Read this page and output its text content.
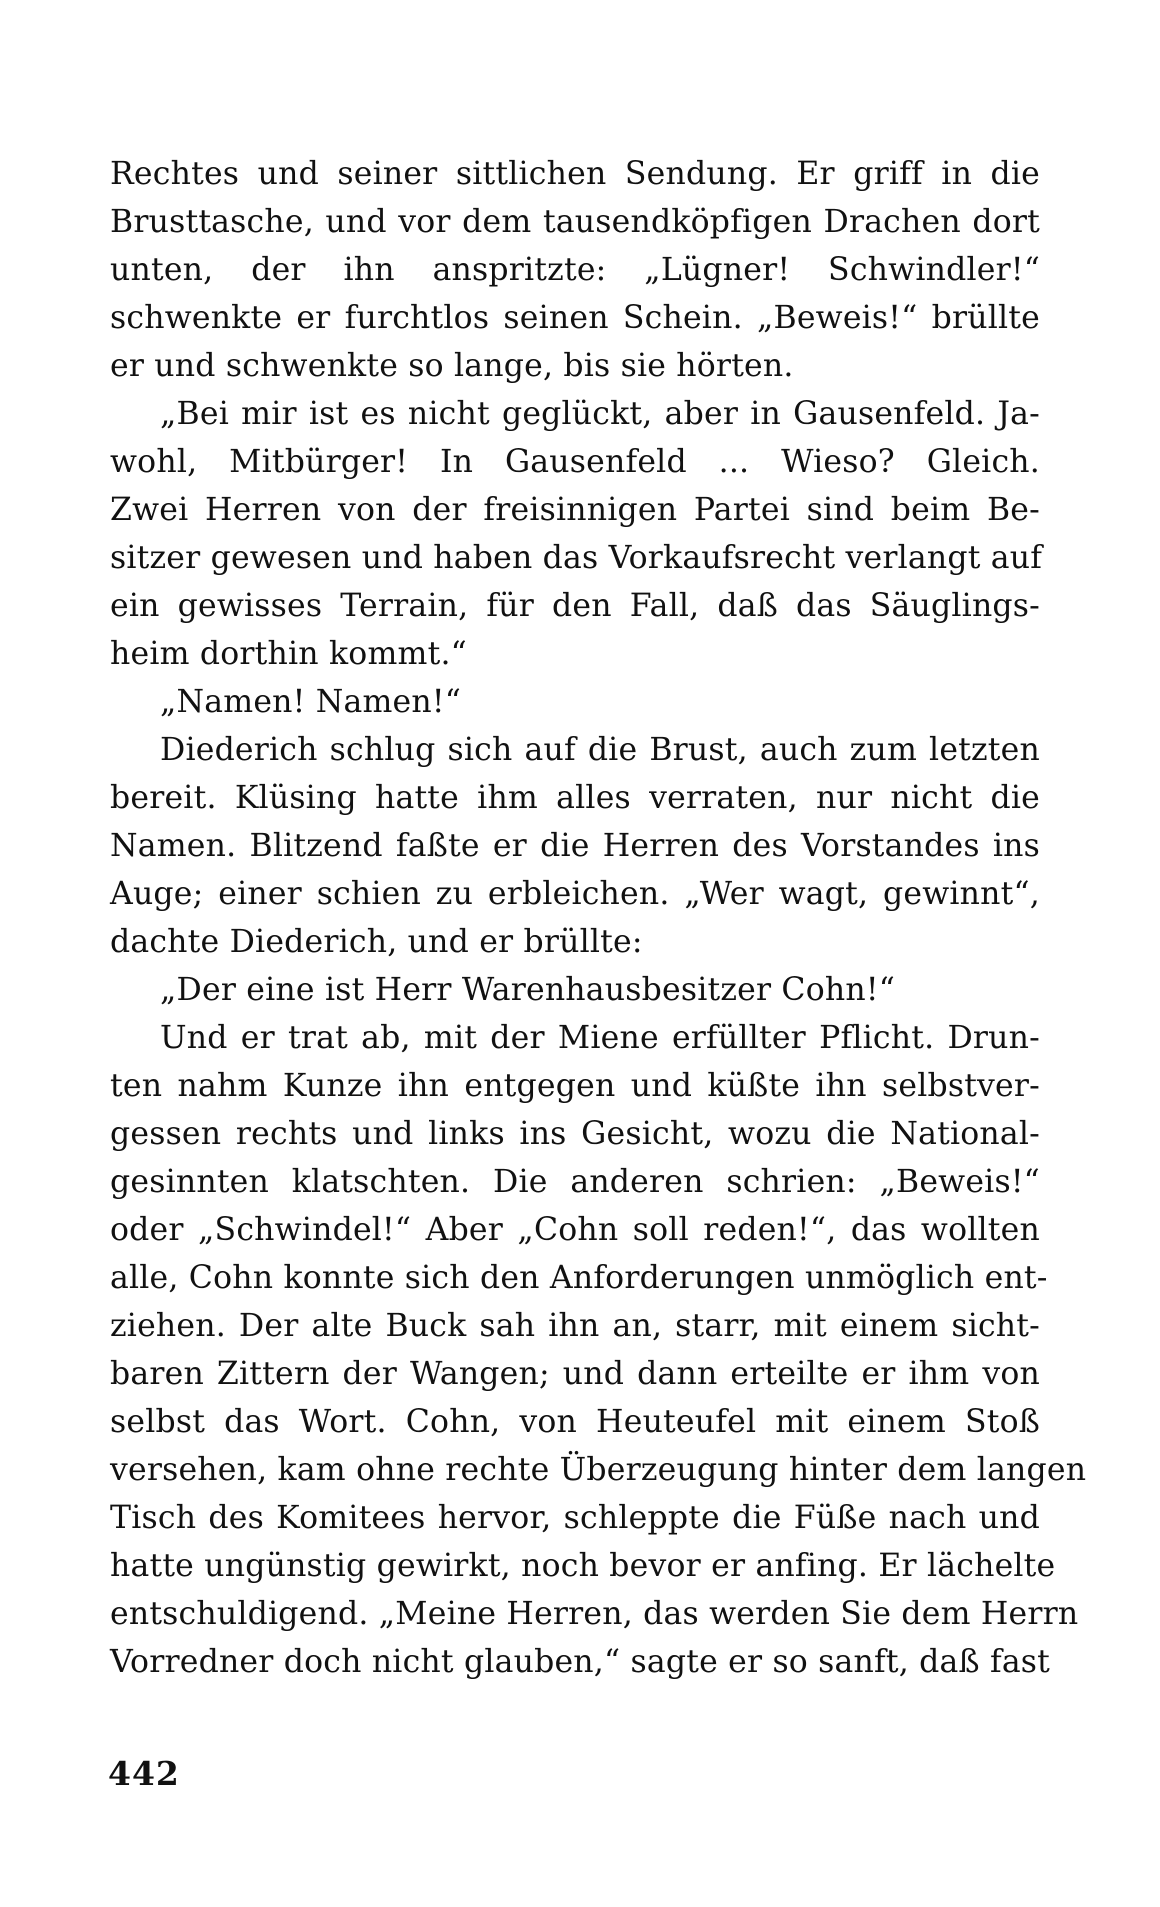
Rechtes und seiner sittlichen Sendung. Er griff in die
Brusttasche, und vor dem tausendköpfigen Drachen dort
unten, der ihn anspritzte: „Lügner! Schwindler!“
schwenkte er furchtlos seinen Schein. „Beweis!“ brüllte
er und schwenkte so lange, bis sie hörten.
„Bei mir ist es nicht geglückt, aber in Gausenfeld. Ja-
wohl, Mitbürger! In Gausenfeld ... Wieso? Gleich.
Zwei Herren von der freisinnigen Partei sind beim Be-
sitzer gewesen und haben das Vorkaufsrecht verlangt auf
ein gewisses Terrain, für den Fall, daß das Säuglings-
heim dorthin kommt.“
„Namen! Namen!“
Diederich schlug sich auf die Brust, auch zum letzten
bereit. Klüsing hatte ihm alles verraten, nur nicht die
Namen. Blitzend faßte er die Herren des Vorstandes ins
Auge; einer schien zu erbleichen. „Wer wagt, gewinnt“,
dachte Diederich, und er brüllte:
„Der eine ist Herr Warenhausbesitzer Cohn!“
Und er trat ab, mit der Miene erfüllter Pflicht. Drun-
ten nahm Kunze ihn entgegen und küßte ihn selbstver-
gessen rechts und links ins Gesicht, wozu die National-
gesinnten klatschten. Die anderen schrien: „Beweis!“
oder „Schwindel!“ Aber „Cohn soll reden!“, das wollten
alle, Cohn konnte sich den Anforderungen unmöglich ent-
ziehen. Der alte Buck sah ihn an, starr, mit einem sicht-
baren Zittern der Wangen; und dann erteilte er ihm von
selbst das Wort. Cohn, von Heuteufel mit einem Stoß
versehen, kam ohne rechte Überzeugung hinter dem langen
Tisch des Komitees hervor, schleppte die Füße nach und
hatte ungünstig gewirkt, noch bevor er anfing. Er lächelte
entschuldigend. „Meine Herren, das werden Sie dem Herrn
Vorredner doch nicht glauben,“ sagte er so sanft, daß fast
442
